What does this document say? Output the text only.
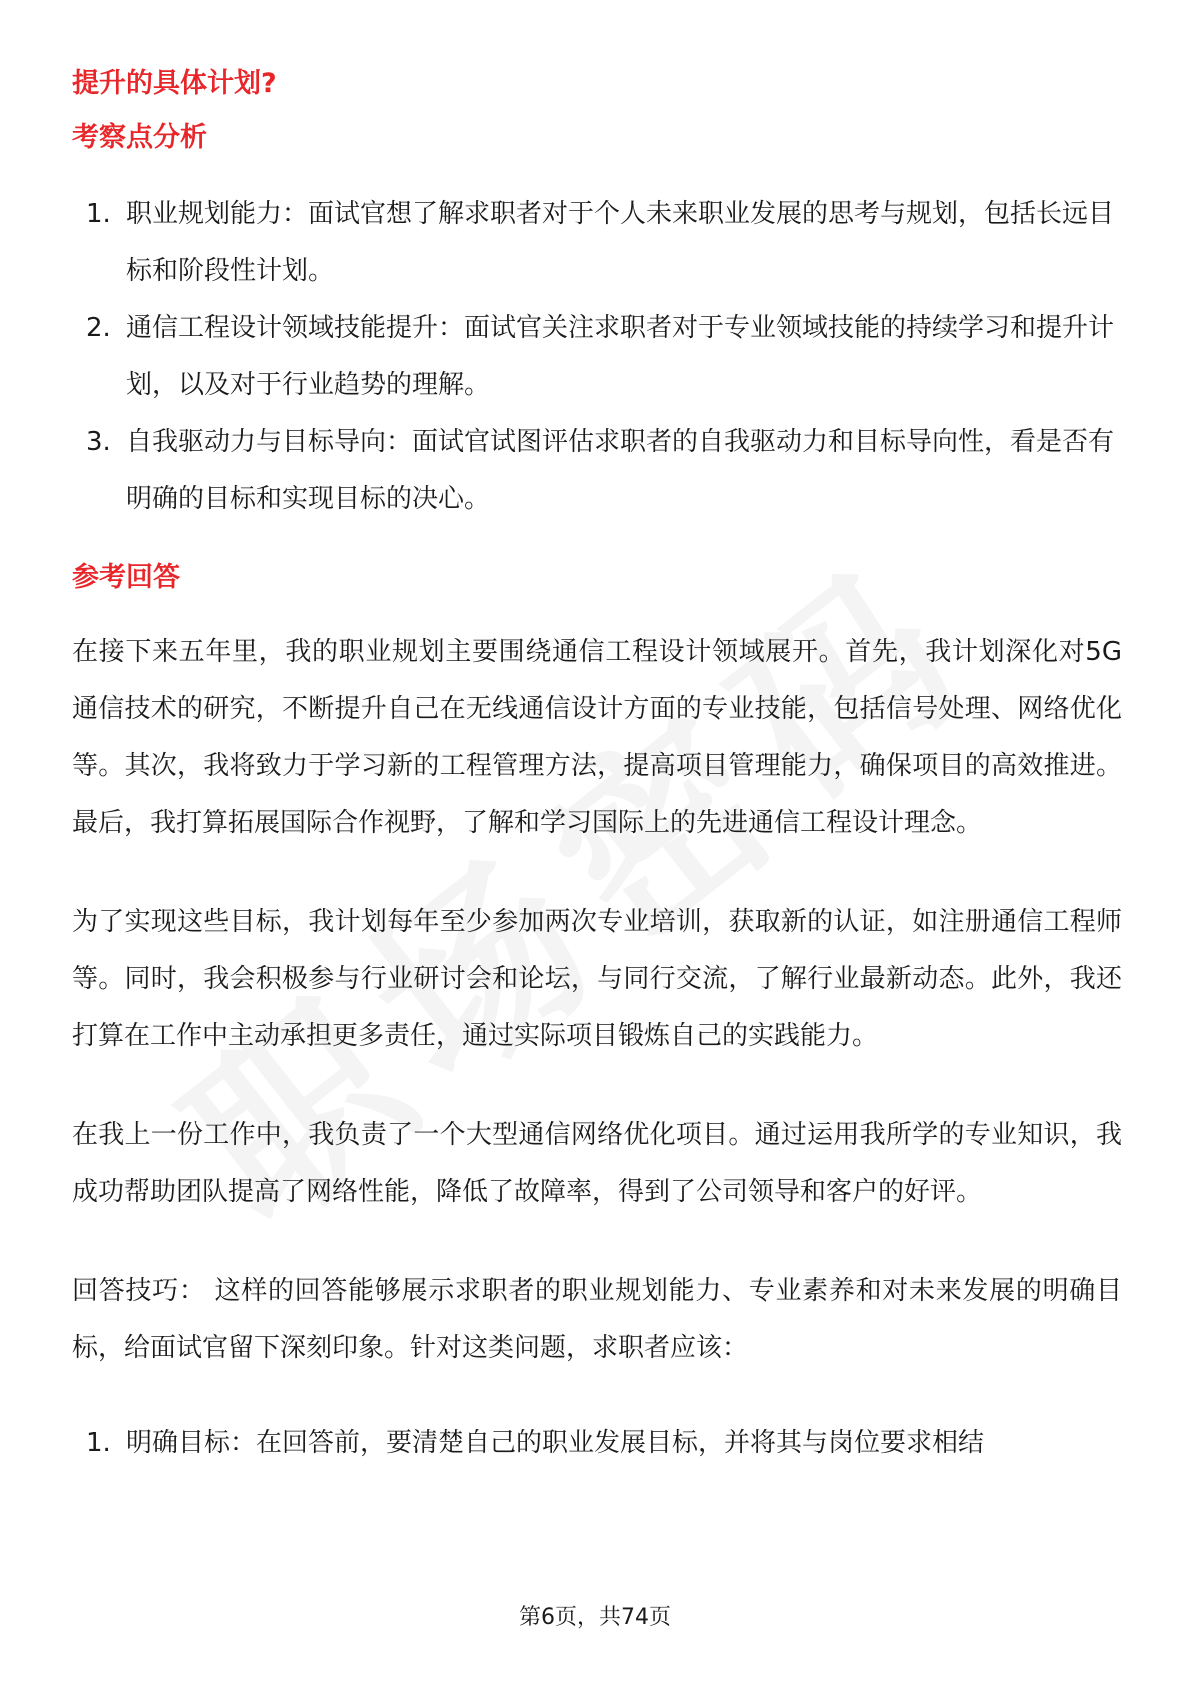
提升的具体计划?
考察点分析
1. 职业规划能力：面试官想了解求职者对于个人未来职业发展的思考与规划，包括长远目标和阶段性计划。
2. 通信工程设计领域技能提升：面试官关注求职者对于专业领域技能的持续学习和提升计划，以及对于行业趋势的理解。
3. 自我驱动力与目标导向：面试官试图评估求职者的自我驱动力和目标导向性，看是否有明确的目标和实现目标的决心。
参考回答

在接下来五年里，我的职业规划主要围绕通信工程设计领域展开。首先，我计划深化对5G通信技术的研究，不断提升自己在无线通信设计方面的专业技能，包括信号处理、网络优化等。其次，我将致力于学习新的工程管理方法，提高项目管理能力，确保项目的高效推进。最后，我打算拓展国际合作视野，了解和学习国际上的先进通信工程设计理念。

为了实现这些目标，我计划每年至少参加两次专业培训，获取新的认证，如注册通信工程师等。同时，我会积极参与行业研讨会和论坛，与同行交流，了解行业最新动态。此外，我还打算在工作中主动承担更多责任，通过实际项目锻炼自己的实践能力。

在我上一份工作中，我负责了一个大型通信网络优化项目。通过运用我所学的专业知识，我成功帮助团队提高了网络性能，降低了故障率，得到了公司领导和客户的好评。

回答技巧： 这样的回答能够展示求职者的职业规划能力、专业素养和对未来发展的明确目标，给面试官留下深刻印象。针对这类问题，求职者应该：

1. 明确目标：在回答前，要清楚自己的职业发展目标，并将其与岗位要求相结
第6页，共74页
